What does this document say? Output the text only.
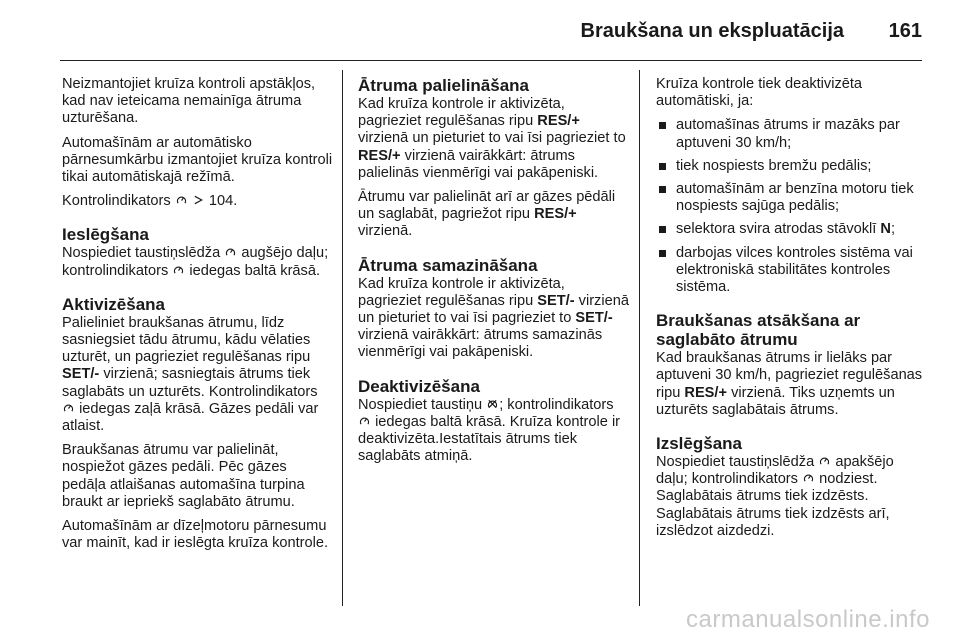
Braukšana un ekspluatācija 161

Neizmantojiet kruīza kontroli apstākļos, kad nav ieteicama nemainīga ātruma uzturēšana.

Automašīnām ar automātisko pārnesumkārbu izmantojiet kruīza kontroli tikai automātiskajā režīmā.

Kontrolindikators	104.

Ieslēgšana

Nospiediet taustiņslēdža augšējo daļu; kontrolindikators iedegas baltā krāsā.

Aktivizēšana

Palieliniet braukšanas ātrumu, līdz sasniegsiet tādu ātrumu, kādu vēlaties uzturēt, un pagrieziet regulēšanas ripu SET/- virzienā; sasniegtais ātrums tiek saglabāts un uzturēts. Kontrolindikators  iedegas zaļā krāsā. Gāzes pedāli var atlaist.

Braukšanas ātrumu var palielināt, nospiežot gāzes pedāli. Pēc gāzes pedāļa atlaišanas automašīna turpina braukt ar iepriekš saglabāto ātrumu.

Automašīnām ar dīzeļmotoru pārnesumu var mainīt, kad ir ieslēgta kruīza kontrole.

Ātruma palielināšana

Kad kruīza kontrole ir aktivizēta, pagrieziet regulēšanas ripu RES/+ virzienā un pieturiet to vai īsi pagrieziet to RES/+ virzienā vairākkārt: ātrums palielinās vienmērīgi vai pakāpeniski.

Ātrumu var palielināt arī ar gāzes pēdāli un saglabāt, pagriežot ripu RES/+ virzienā.

Ātruma samazināšana

Kad kruīza kontrole ir aktivizēta, pagrieziet regulēšanas ripu SET/- virzienā un pieturiet to vai īsi pagrieziet to SET/- virzienā vairākkārt: ātrums samazinās vienmērīgi vai pakāpeniski.

Deaktivizēšana

Nospiediet taustiņu ; kontrolindikators  iedegas baltā krāsā. Kruīza kontrole ir deaktivizēta.Iestatītais ātrums tiek saglabāts atmiņā.

Kruīza kontrole tiek deaktivizēta automātiski, ja:

automašīnas ātrums ir mazāks par aptuveni 30 km/h;
tiek nospiests bremžu pedālis;
automašīnām ar benzīna motoru tiek nospiests sajūga pedālis;
selektora svira atrodas stāvoklī N;
darbojas vilces kontroles sistēma vai elektroniskā stabilitātes kontroles sistēma.
Braukšanas atsākšana ar saglabāto ātrumu

Kad braukšanas ātrums ir lielāks par aptuveni 30 km/h, pagrieziet regulēšanas ripu RES/+ virzienā. Tiks uzņemts un uzturēts saglabātais ātrums.

Izslēgšana

Nospiediet taustiņslēdža apakšējo daļu; kontrolindikators nodziest. Saglabātais ātrums tiek izdzēsts. Saglabātais ātrums tiek izdzēsts arī, izslēdzot aizdedzi.

carmanualsonline.info
